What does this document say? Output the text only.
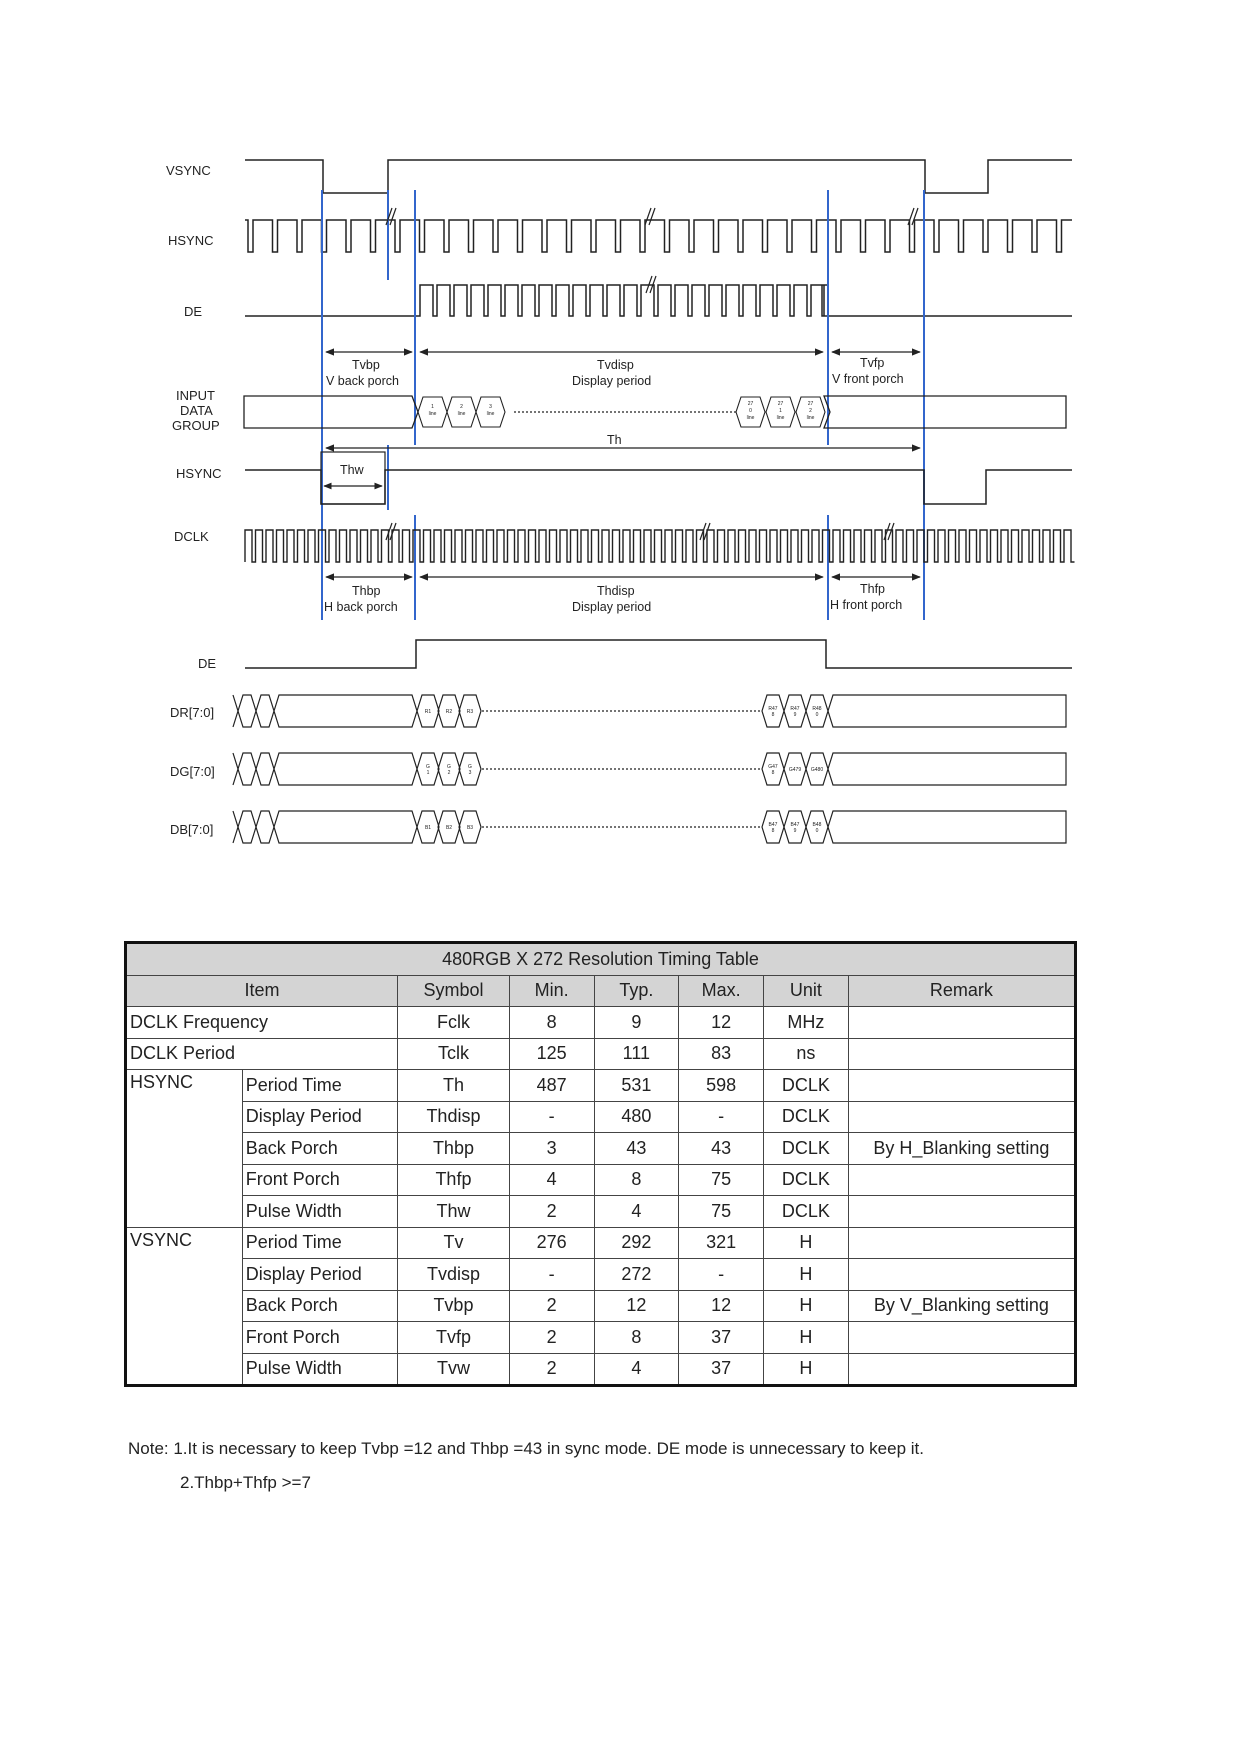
VSYNC
HSYNC
DE
INPUT
DATA
GROUP
HSYNC
DCLK
DE
DR[7:0]
DG[7:0]
DB[7:0]
Tvbp
V back porch
Tvdisp
Display period
Tvfp
V front porch
1
line
2
line
3
line
27
0
line
27
1
line
27
2
line
Th
Thw
Thbp
H back porch
Thdisp
Display period
Thfp
H front porch
R1	R2	R3	R47
8
R47
9
R48
0
G
1
G
2
G
3
G47
8	G479 G480
B1	B2	B3	B47
8
B47
9
B48
0
480RGB X 272 Resolution Timing Table							
Item		Symbol	Min.	Typ.	Max.	Unit	Remark
DCLK Frequency		Fclk	8	9	12	MHz	
DCLK Period		Tclk	125	111	83	ns	
HSYNC	Period Time	Th	487	531	598	DCLK	
	Display Period	Thdisp	-	480	-	DCLK	
	Back Porch	Thbp	3	43	43	DCLK	By H_Blanking setting
	Front Porch	Thfp	4	8	75	DCLK	
	Pulse Width	Thw	2	4	75	DCLK	
VSYNC	Period Time	Tv	276	292	321	H	
	Display Period	Tvdisp	-	272	-	H	
	Back Porch	Tvbp	2	12	12	H	By V_Blanking setting
	Front Porch	Tvfp	2	8	37	H	
	Pulse Width	Tvw	2	4	37	H	
Note: 1.It is necessary to keep Tvbp =12 and Thbp =43 in sync mode. DE mode is unnecessary to keep it.
2.Thbp+Thfp >=7
